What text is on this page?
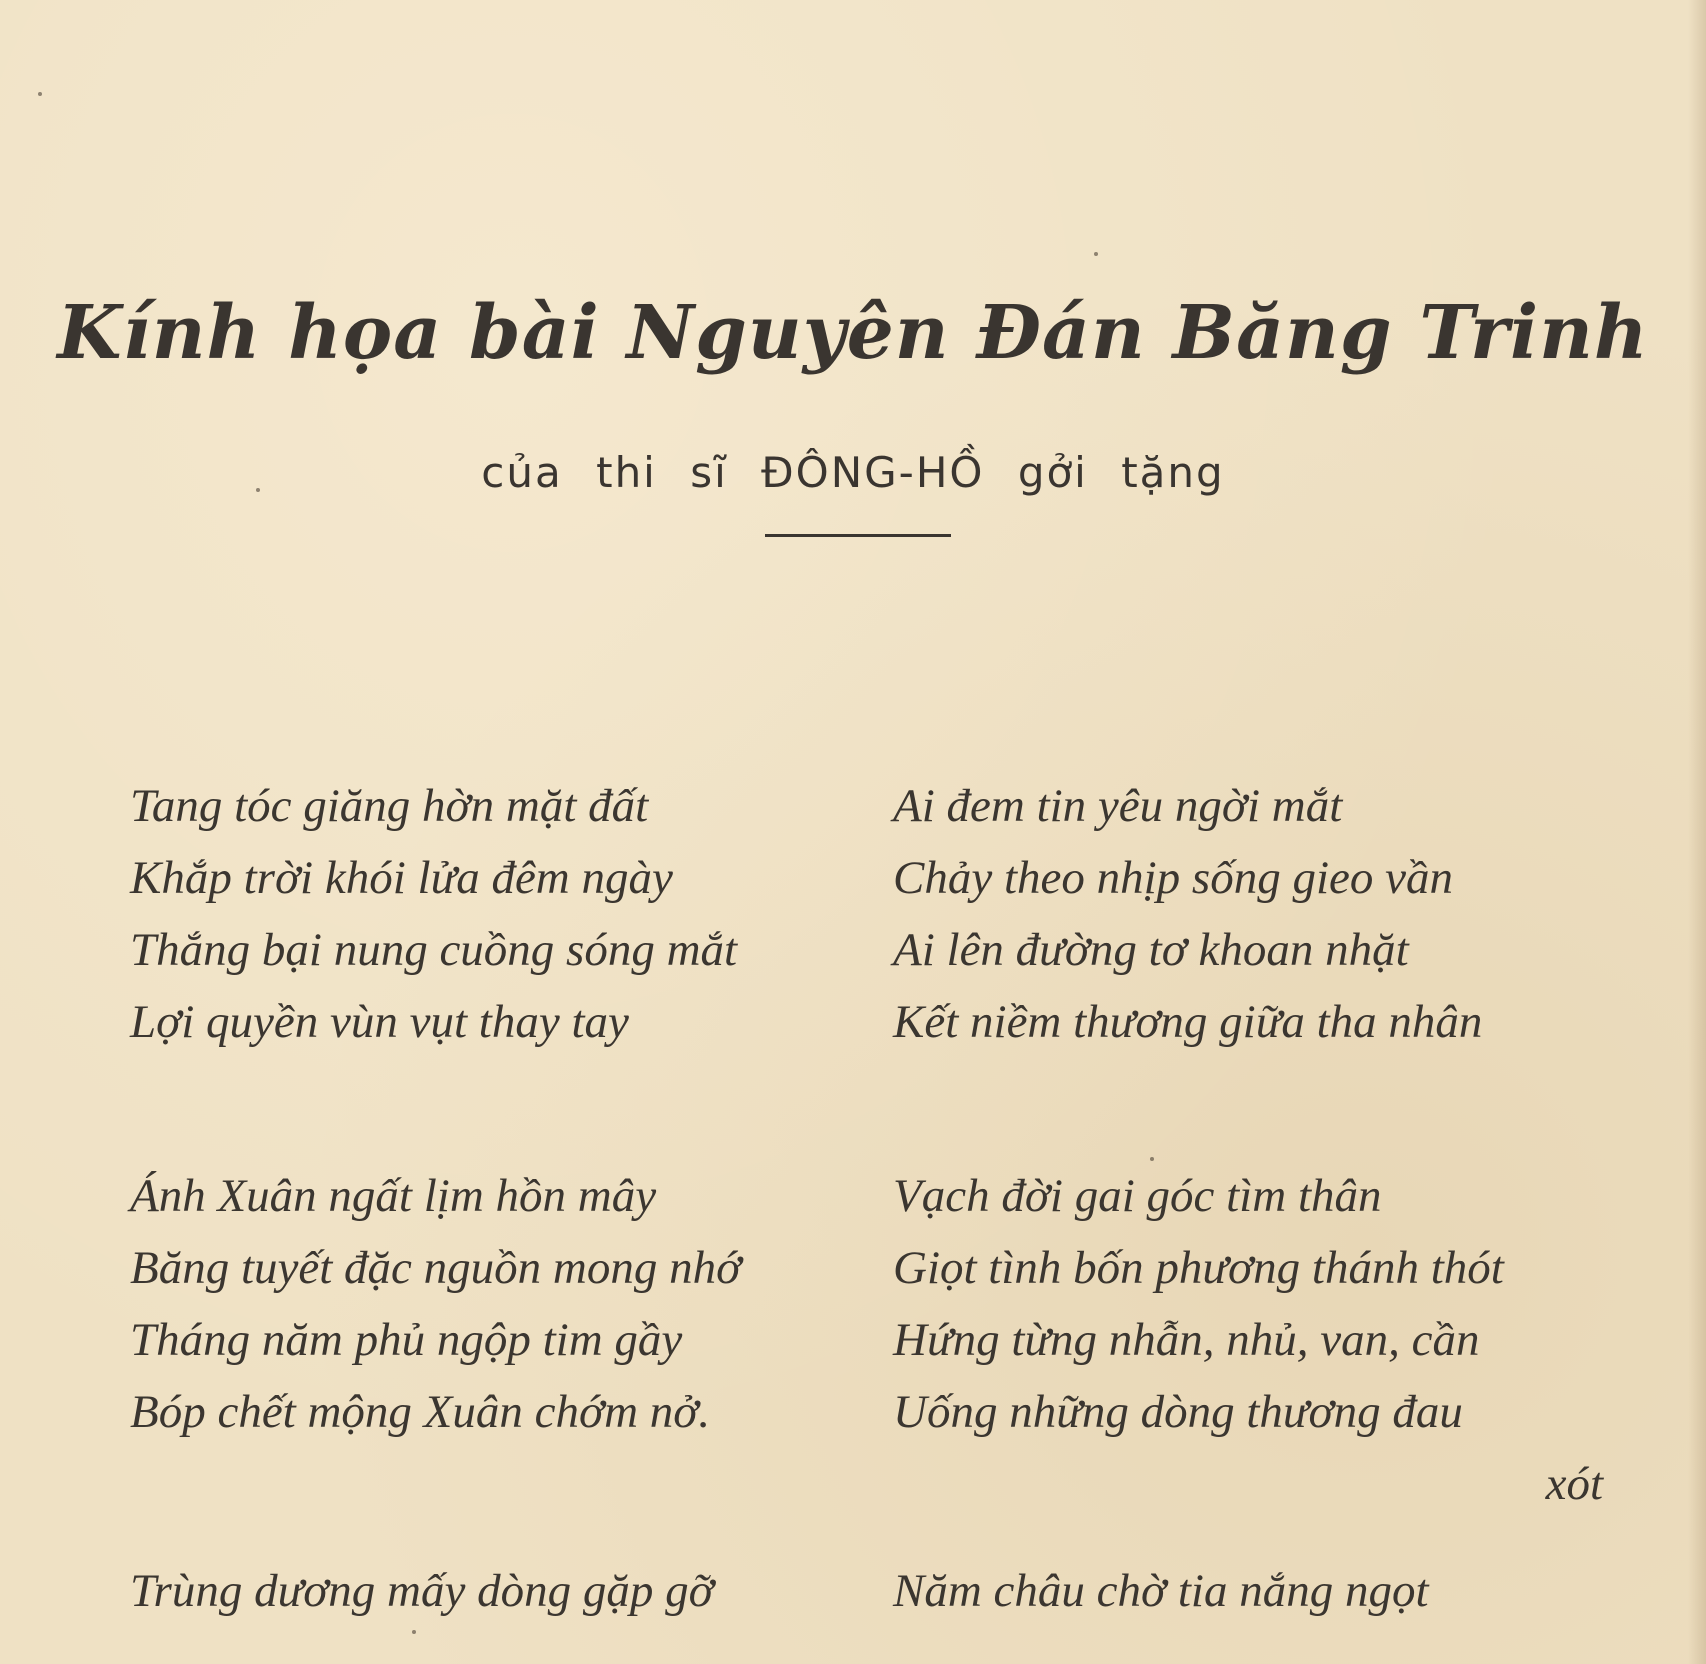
Kính họa bài Nguyên Đán Băng Trinh
của thi sĩ ĐÔNG-HỒ gởi tặng
Tang tóc giăng hờn mặt đất
Khắp trời khói lửa đêm ngày
Thắng bại nung cuồng sóng mắt
Lợi quyền vùn vụt thay tay
Ai đem tin yêu ngời mắt
Chảy theo nhịp sống gieo vần
Ai lên đường tơ khoan nhặt
Kết niềm thương giữa tha nhân
Ánh Xuân ngất lịm hồn mây
Băng tuyết đặc nguồn mong nhớ
Tháng năm phủ ngộp tim gầy
Bóp chết mộng Xuân chớm nở.
Vạch đời gai góc tìm thân
Giọt tình bốn phương thánh thót
Hứng từng nhẫn, nhủ, van, cần
Uống những dòng thương đau
xót
Trùng dương mấy dòng gặp gỡ	Năm châu chờ tia nắng ngọt
